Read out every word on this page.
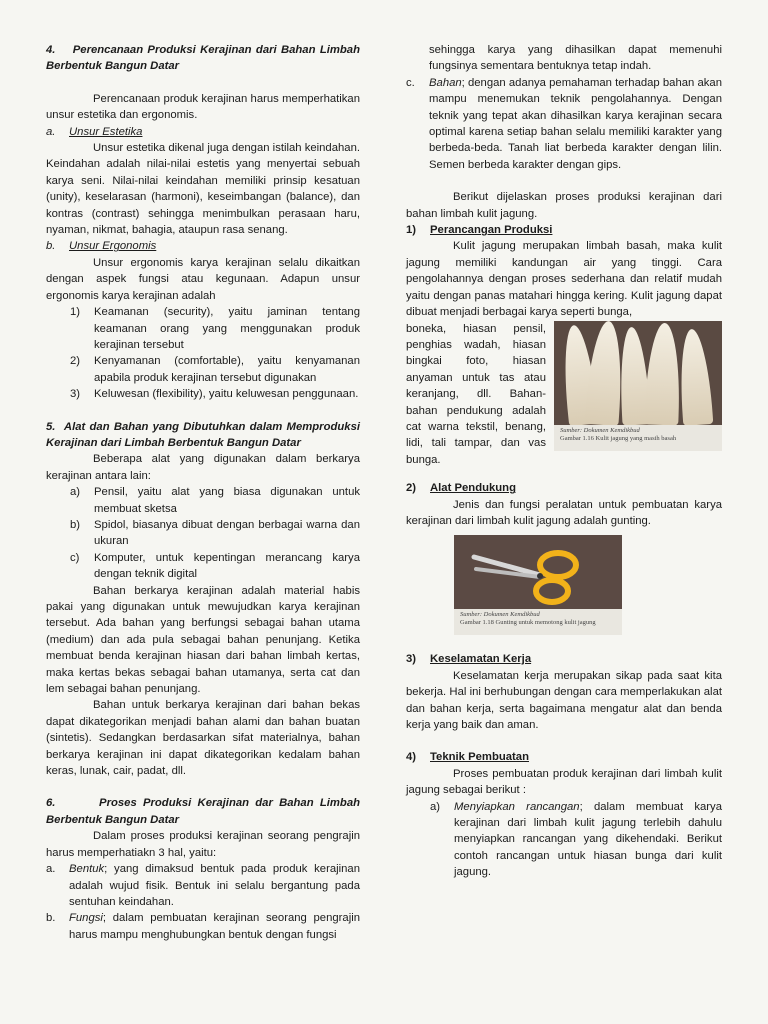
4.    Perencanaan Produksi Kerajinan dari Bahan Limbah Berbentuk Bangun Datar

Perencanaan produk kerajinan harus memperhatikan unsur estetika dan ergonomis.

a.	Unsur Estetika

Unsur estetika dikenal juga dengan istilah keindahan. Keindahan adalah nilai-nilai estetis yang menyertai sebuah karya seni. Nilai-nilai keindahan memiliki prinsip kesatuan (unity), keselarasan (harmoni), keseimbangan (balance), dan kontras (contrast) sehingga menimbulkan perasaan haru, nyaman, nikmat, bahagia, ataupun rasa senang.

b.	Unsur Ergonomis

Unsur ergonomis karya kerajinan selalu dikaitkan dengan aspek fungsi atau kegunaan. Adapun unsur ergonomis karya kerajinan adalah

1)	Keamanan (security), yaitu jaminan tentang keamanan orang yang menggunakan produk kerajinan tersebut
2)	Kenyamanan (comfortable), yaitu kenyamanan apabila produk kerajinan tersebut digunakan
3)	Keluwesan (flexibility), yaitu keluwesan penggunaan.

5.  Alat dan Bahan yang Dibutuhkan dalam Memproduksi Kerajinan dari Limbah Berbentuk Bangun Datar

Beberapa alat yang digunakan dalam berkarya kerajinan antara lain:

a)	Pensil, yaitu alat yang biasa digunakan untuk membuat sketsa
b)	Spidol, biasanya dibuat dengan berbagai warna dan ukuran
c)	Komputer, untuk kepentingan merancang karya dengan teknik digital

Bahan berkarya kerajinan adalah material habis pakai yang digunakan untuk mewujudkan karya kerajinan tersebut. Ada bahan yang berfungsi sebagai bahan utama (medium) dan ada pula sebagai bahan penunjang. Ketika membuat benda kerajinan hiasan dari bahan limbah kertas, maka kertas bekas sebagai bahan utamanya, serta cat dan lem sebagai bahan penunjang.

Bahan untuk berkarya kerajinan dari bahan bekas dapat dikategorikan menjadi bahan alami dan bahan buatan (sintetis). Sedangkan berdasarkan sifat materialnya, bahan berkarya kerajinan ini dapat dikategorikan kedalam bahan keras, lunak, cair, padat, dll.

6.       Proses Produksi Kerajinan dar Bahan Limbah Berbentuk Bangun Datar

Dalam proses produksi kerajinan seorang pengrajin harus memperhatiakn 3 hal, yaitu:

a.	Bentuk; yang dimaksud bentuk pada produk kerajinan adalah wujud fisik. Bentuk ini selalu bergantung pada sentuhan keindahan.
b.	Fungsi; dalam pembuatan kerajinan seorang pengrajin harus mampu menghubungkan bentuk dengan fungsi

sehingga karya yang dihasilkan dapat memenuhi fungsinya sementara bentuknya tetap indah.

c.	Bahan; dengan adanya pemahaman terhadap bahan akan mampu menemukan teknik pengolahannya. Dengan teknik yang tepat akan dihasilkan karya kerajinan secara optimal karena setiap bahan selalu memiliki karakter yang berbeda-beda. Tanah liat berbeda karakter dengan lilin. Semen berbeda karakter dengan gips.

Berikut dijelaskan proses produksi kerajinan dari bahan limbah kulit jagung.

1)	Perancangan Produksi

Kulit jagung merupakan limbah basah, maka kulit jagung memiliki kandungan air yang tinggi. Cara pengolahannya dengan proses sederhana dan relatif mudah yaitu dengan panas matahari hingga kering. Kulit jagung dapat dibuat menjadi berbagai karya seperti bunga,

Sumber: Dokumen Kemdikbud
Gambar 1.16 Kulit jagung yang masih basah

boneka, hiasan pensil, penghias wadah, hiasan bingkai foto, hiasan anyaman untuk tas atau keranjang, dll. Bahan-bahan pendukung adalah cat warna tekstil, benang, lidi, tali tampar, dan vas bunga.

2)	Alat Pendukung

Jenis dan fungsi peralatan untuk pembuatan karya kerajinan dari limbah kulit jagung adalah gunting.

Sumber: Dokumen Kemdikbud
Gambar 1.18 Gunting untuk memotong kulit jagung
3)	Keselamatan Kerja

Keselamatan kerja merupakan sikap pada saat kita bekerja. Hal ini berhubungan dengan cara memperlakukan alat dan bahan kerja, serta bagaimana mengatur alat dan benda kerja yang baik dan aman.

4)	Teknik Pembuatan

Proses pembuatan produk kerajinan dari limbah kulit jagung sebagai berikut :

a)	Menyiapkan rancangan; dalam membuat karya kerajinan dari limbah kulit jagung terlebih dahulu menyiapkan rancangan yang dikehendaki. Berikut contoh rancangan untuk hiasan bunga dari kulit jagung.
